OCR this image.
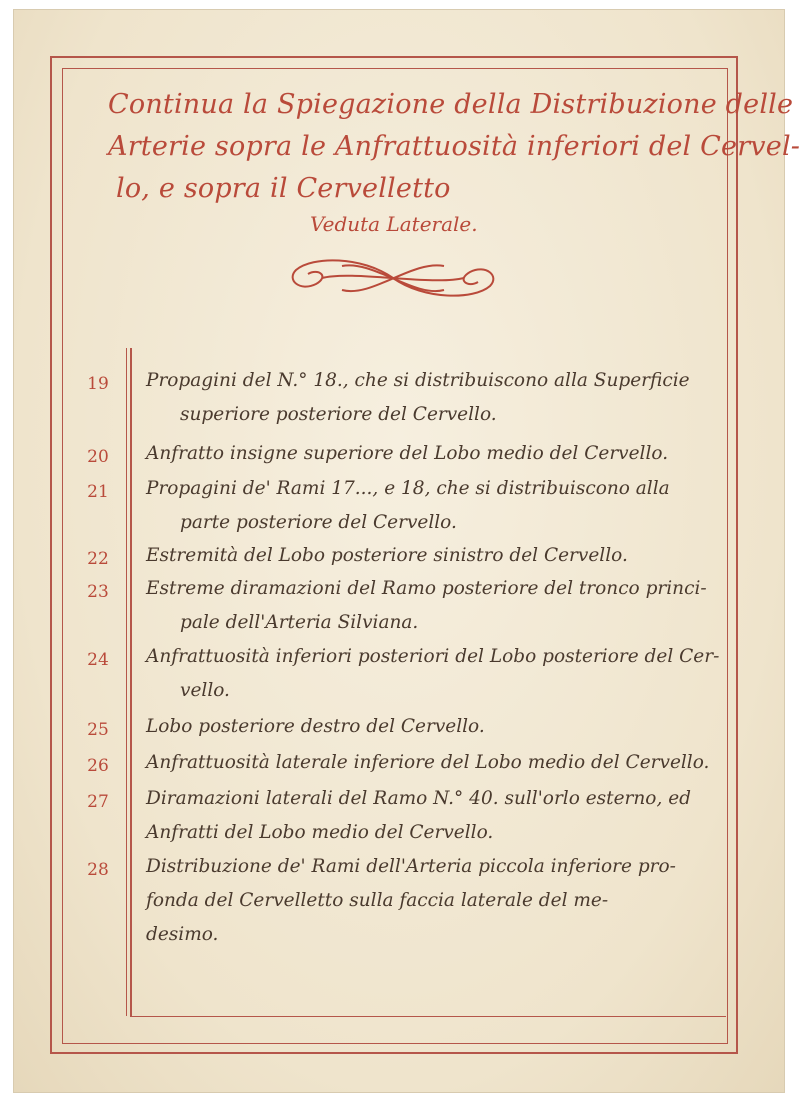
Continua la Spiegazione della Distribuzione delle
Arterie sopra le Anfrattuosità inferiori del Cervel-
lo, e sopra il Cervelletto
Veduta Laterale.
19	Propagini del N.° 18., che si distribuiscono alla Superficie
superiore posteriore del Cervello.
20	Anfratto insigne superiore del Lobo medio del Cervello.
21	Propagini de' Rami 17..., e 18, che si distribuiscono alla
parte posteriore del Cervello.
22	Estremità del Lobo posteriore sinistro del Cervello.
23	Estreme diramazioni del Ramo posteriore del tronco princi-
pale dell'Arteria Silviana.
24	Anfrattuosità inferiori posteriori del Lobo posteriore del Cer-
vello.
25	Lobo posteriore destro del Cervello.
26	Anfrattuosità laterale inferiore del Lobo medio del Cervello.
27	Diramazioni laterali del Ramo N.° 40. sull'orlo esterno, ed
Anfratti del Lobo medio del Cervello.
28	Distribuzione de' Rami dell'Arteria piccola inferiore pro-
fonda del Cervelletto sulla faccia laterale del me-
desimo.
